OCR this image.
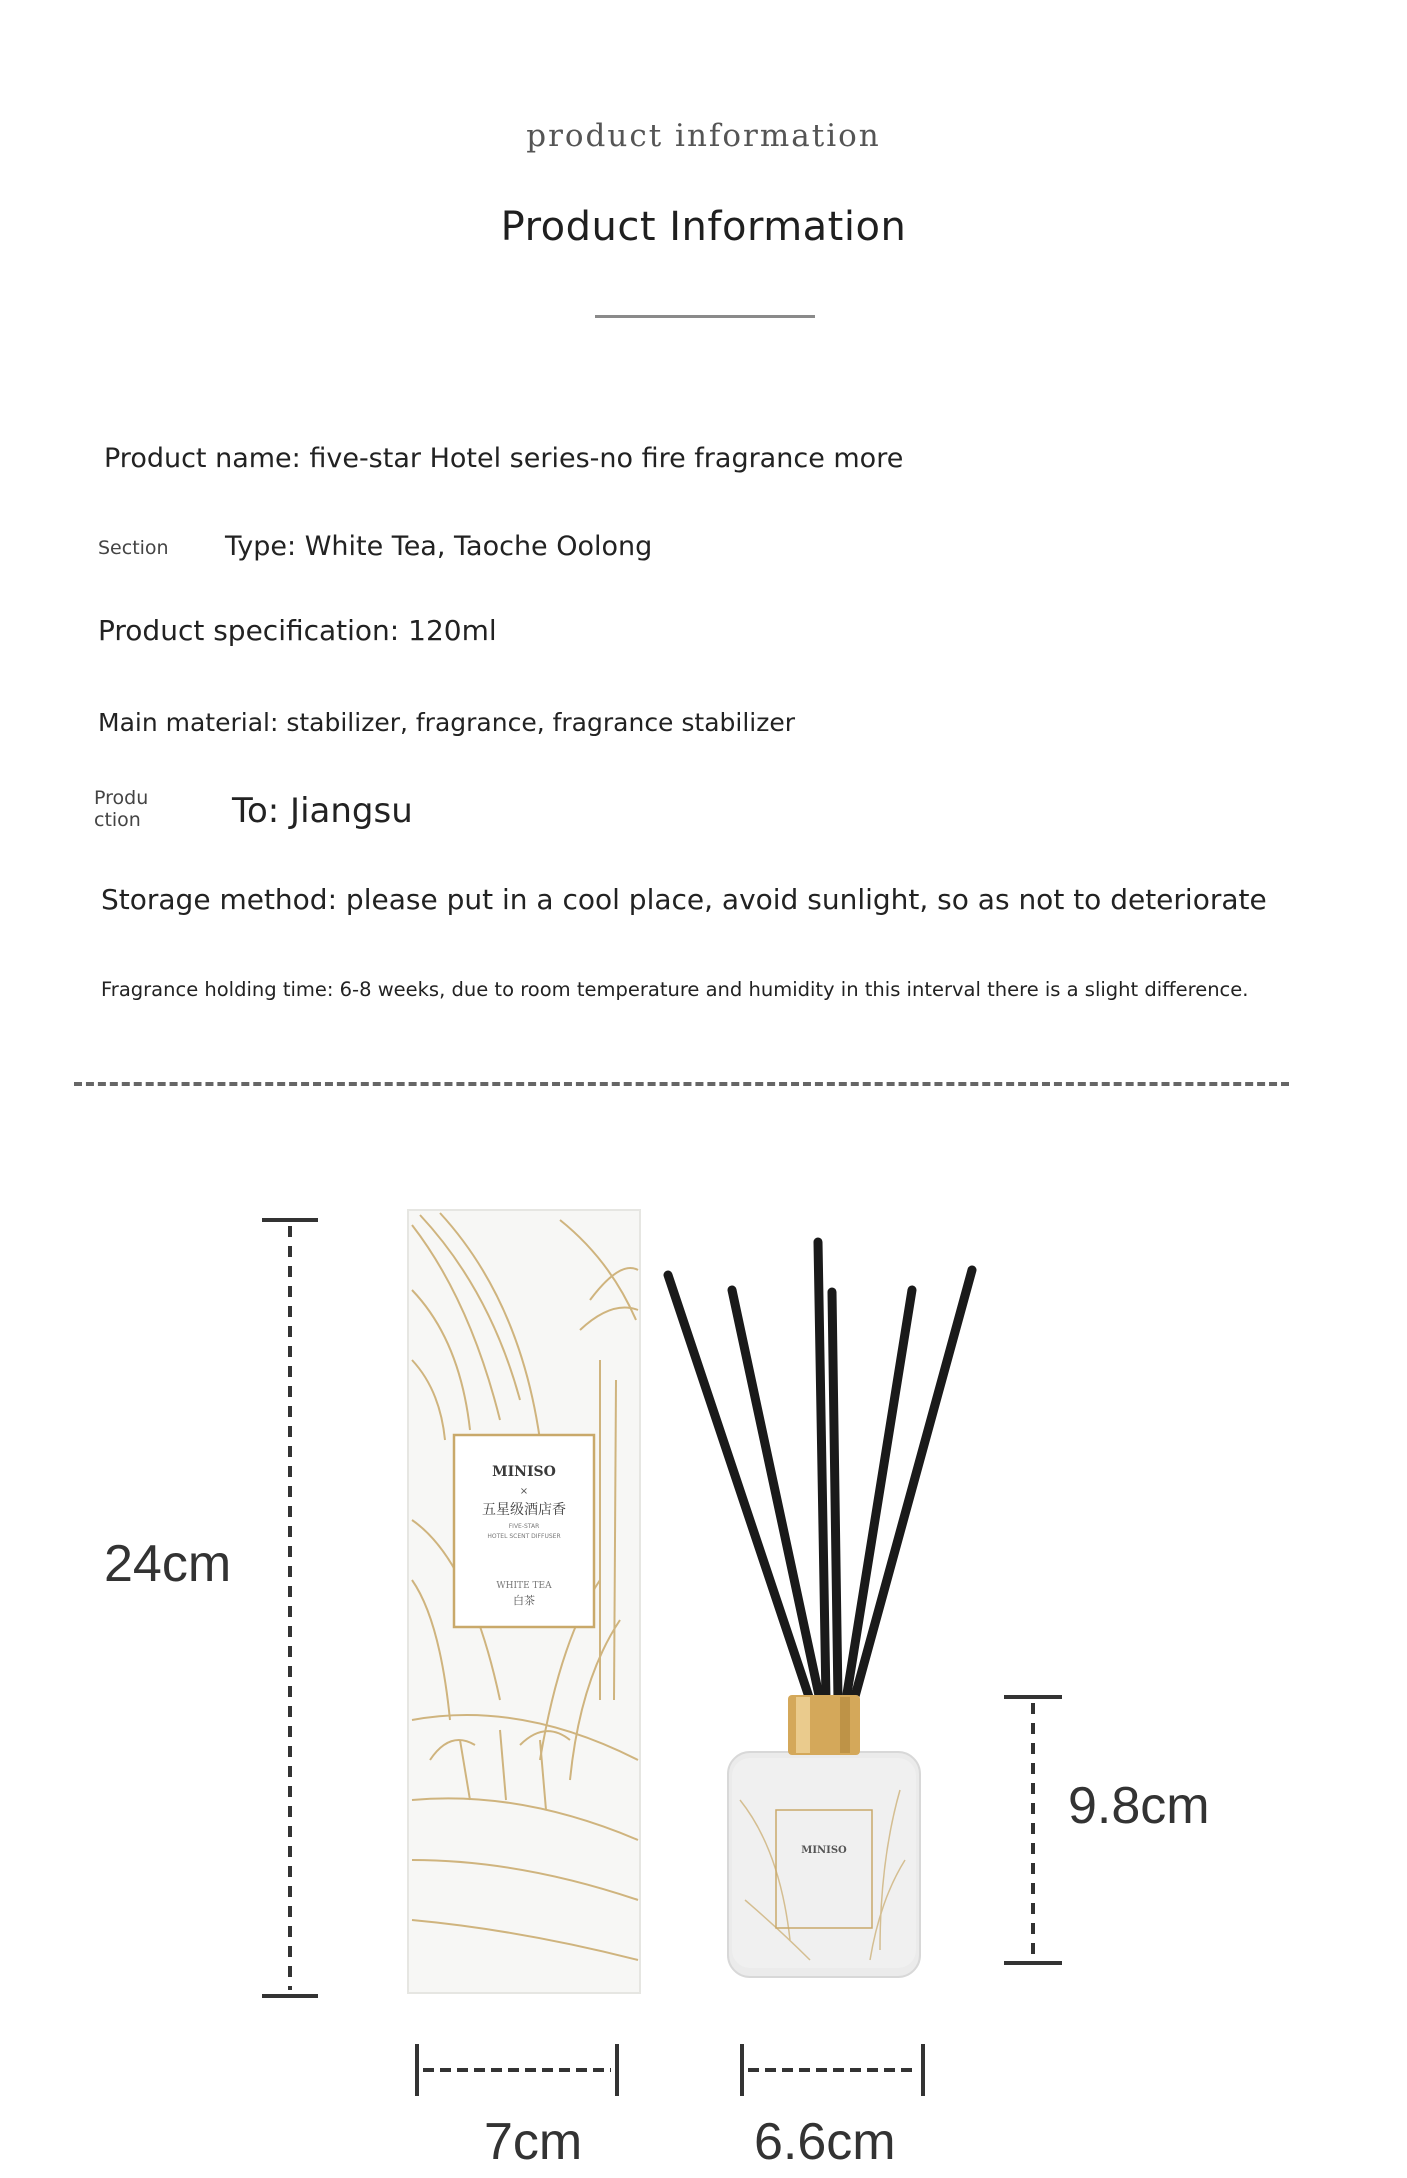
product information
Product Information
Product name: five-star Hotel series-no fire fragrance more
Section Type: White Tea, Taoche Oolong
Product specification: 120ml
Main material: stabilizer, fragrance, fragrance stabilizer
Produ
ction	To: Jiangsu
Storage method: please put in a cool place, avoid sunlight, so as not to deteriorate
Fragrance holding time: 6-8 weeks, due to room temperature and humidity in this interval there is a slight difference.
MINISO
×
五星级酒店香
FIVE-STAR
HOTEL SCENT DIFFUSER
WHITE TEA
白茶
MINISO
24cm
9.8cm
7cm	6.6cm
